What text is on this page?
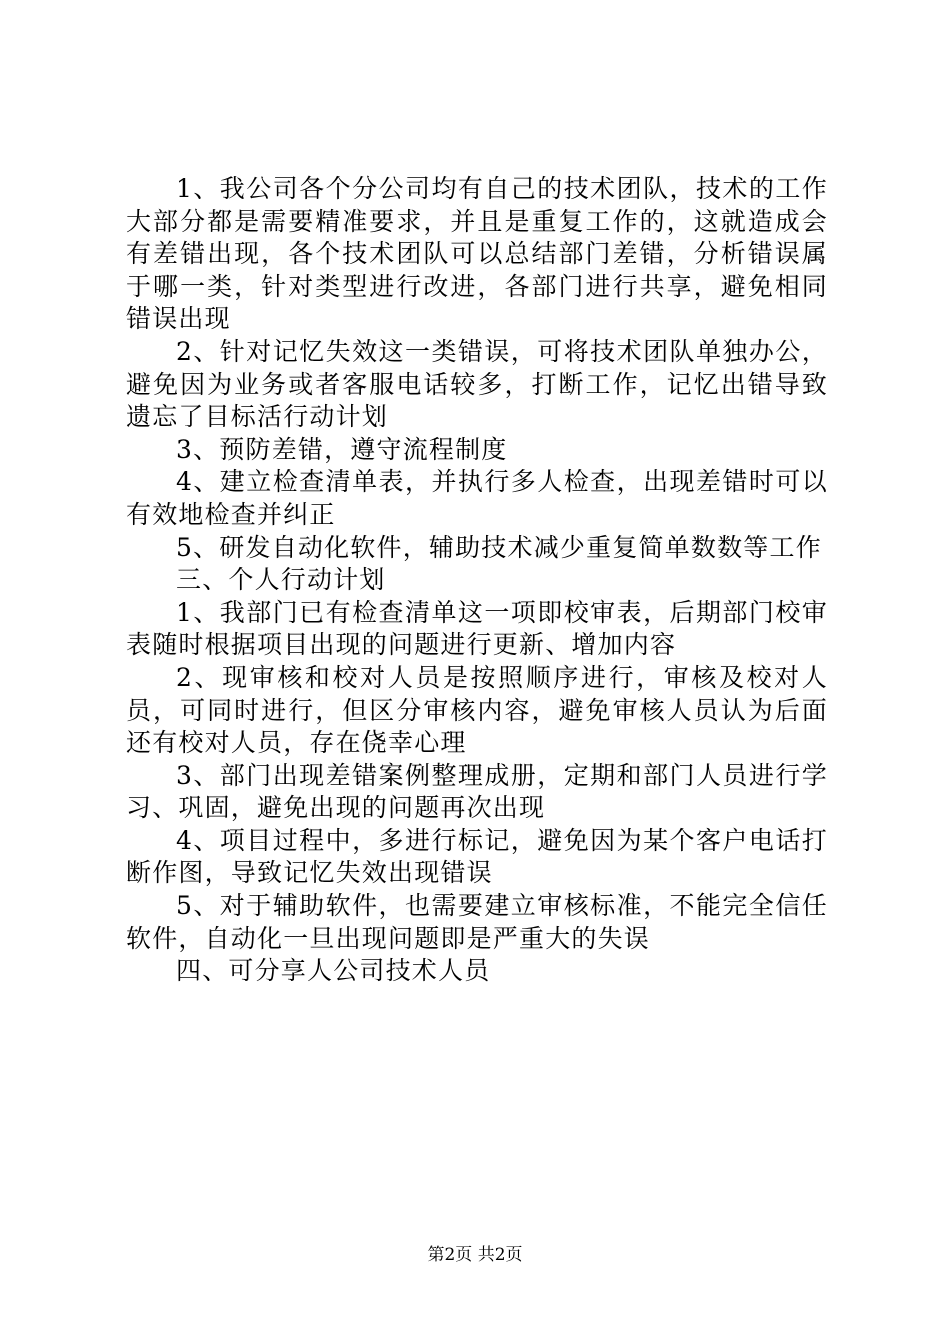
1、我公司各个分公司均有自己的技术团队，技术的工作大部分都是需要精准要求，并且是重复工作的，这就造成会有差错出现，各个技术团队可以总结部门差错，分析错误属于哪一类，针对类型进行改进，各部门进行共享，避免相同错误出现

2、针对记忆失效这一类错误，可将技术团队单独办公，避免因为业务或者客服电话较多，打断工作，记忆出错导致遗忘了目标活行动计划

3、预防差错，遵守流程制度

4、建立检查清单表，并执行多人检查，出现差错时可以有效地检查并纠正

5、研发自动化软件，辅助技术减少重复简单数数等工作

三、个人行动计划

1、我部门已有检查清单这一项即校审表，后期部门校审表随时根据项目出现的问题进行更新、增加内容

2、现审核和校对人员是按照顺序进行，审核及校对人员，可同时进行，但区分审核内容，避免审核人员认为后面还有校对人员，存在侥幸心理

3、部门出现差错案例整理成册，定期和部门人员进行学习、巩固，避免出现的问题再次出现

4、项目过程中，多进行标记，避免因为某个客户电话打断作图，导致记忆失效出现错误

5、对于辅助软件，也需要建立审核标准，不能完全信任软件，自动化一旦出现问题即是严重大的失误

四、可分享人公司技术人员

第2页 共2页
